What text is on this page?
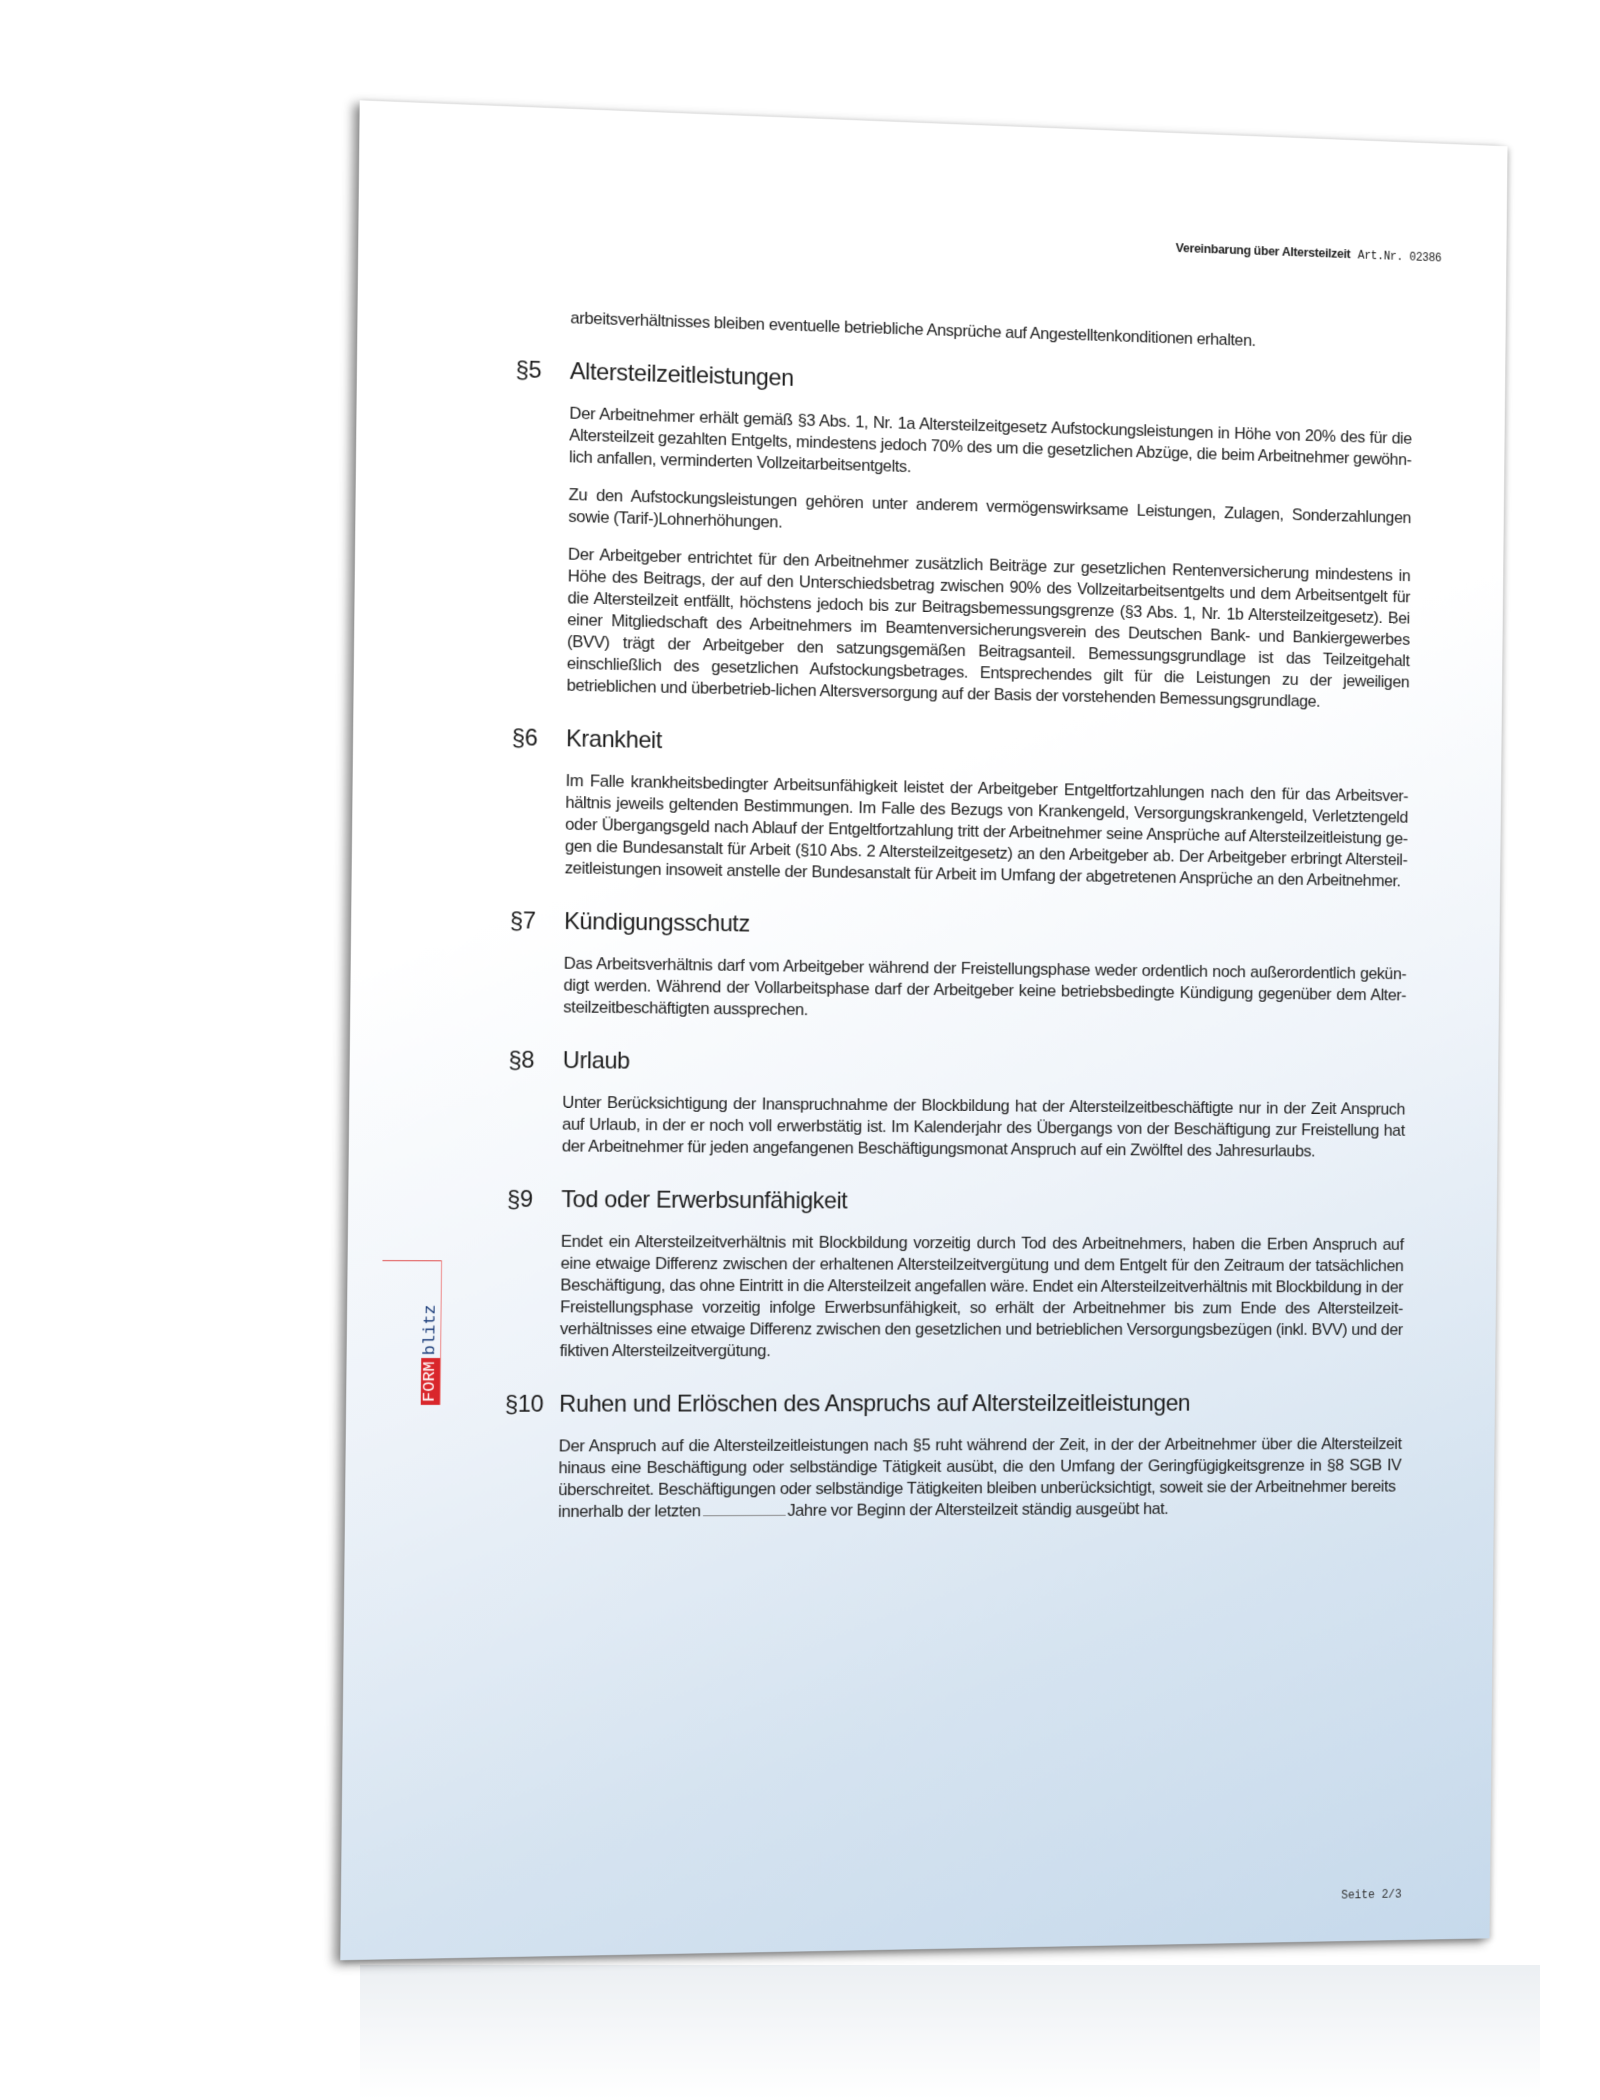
Vereinbarung über Altersteilzeit Art.Nr. 02386
FORMblitz

arbeitsverhältnisses bleiben eventuelle betriebliche Ansprüche auf Angestelltenkonditionen erhalten.

§5	Altersteilzeitleistungen

Der Arbeitnehmer erhält gemäß §3 Abs. 1, Nr. 1a Altersteilzeitgesetz Aufstockungsleistungen in Höhe von 20% des für die Altersteilzeit gezahlten Entgelts, mindestens jedoch 70% des um die gesetzlichen Abzüge, die beim Arbeitnehmer gewöhn-lich anfallen, verminderten Vollzeitarbeitsentgelts.

Zu den Aufstockungsleistungen gehören unter anderem vermögenswirksame Leistungen, Zulagen, Sonderzahlungen sowie (Tarif-)Lohnerhöhungen.

Der Arbeitgeber entrichtet für den Arbeitnehmer zusätzlich Beiträge zur gesetzlichen Rentenversicherung mindestens in Höhe des Beitrags, der auf den Unterschiedsbetrag zwischen 90% des Vollzeitarbeitsentgelts und dem Arbeitsentgelt für die Altersteilzeit entfällt, höchstens jedoch bis zur Beitragsbemessungsgrenze (§3 Abs. 1, Nr. 1b Altersteilzeitgesetz). Bei einer Mitgliedschaft des Arbeitnehmers im Beamtenversicherungsverein des Deutschen Bank- und Bankiergewerbes (BVV) trägt der Arbeitgeber den satzungsgemäßen Beitragsanteil. Bemessungsgrundlage ist das Teilzeitgehalt einschließlich des gesetzlichen Aufstockungsbetrages. Entsprechendes gilt für die Leistungen zu der jeweiligen betrieblichen und überbetrieb-lichen Altersversorgung auf der Basis der vorstehenden Bemessungsgrundlage.

§6	Krankheit

Im Falle krankheitsbedingter Arbeitsunfähigkeit leistet der Arbeitgeber Entgeltfortzahlungen nach den für das Arbeitsver-hältnis jeweils geltenden Bestimmungen. Im Falle des Bezugs von Krankengeld, Versorgungskrankengeld, Verletztengeld oder Übergangsgeld nach Ablauf der Entgeltfortzahlung tritt der Arbeitnehmer seine Ansprüche auf Altersteilzeitleistung ge-gen die Bundesanstalt für Arbeit (§10 Abs. 2 Altersteilzeitgesetz) an den Arbeitgeber ab. Der Arbeitgeber erbringt Altersteil-zeitleistungen insoweit anstelle der Bundesanstalt für Arbeit im Umfang der abgetretenen Ansprüche an den Arbeitnehmer.

§7	Kündigungsschutz

Das Arbeitsverhältnis darf vom Arbeitgeber während der Freistellungsphase weder ordentlich noch außerordentlich gekün-digt werden. Während der Vollarbeitsphase darf der Arbeitgeber keine betriebsbedingte Kündigung gegenüber dem Alter-steilzeitbeschäftigten aussprechen.

§8	Urlaub

Unter Berücksichtigung der Inanspruchnahme der Blockbildung hat der Altersteilzeitbeschäftigte nur in der Zeit Anspruch auf Urlaub, in der er noch voll erwerbstätig ist. Im Kalenderjahr des Übergangs von der Beschäftigung zur Freistellung hat der Arbeitnehmer für jeden angefangenen Beschäftigungsmonat Anspruch auf ein Zwölftel des Jahresurlaubs.

§9	Tod oder Erwerbsunfähigkeit

Endet ein Altersteilzeitverhältnis mit Blockbildung vorzeitig durch Tod des Arbeitnehmers, haben die Erben Anspruch auf eine etwaige Differenz zwischen der erhaltenen Altersteilzeitvergütung und dem Entgelt für den Zeitraum der tatsächlichen Beschäftigung, das ohne Eintritt in die Altersteilzeit angefallen wäre. Endet ein Altersteilzeitverhältnis mit Blockbildung in der Freistellungsphase vorzeitig infolge Erwerbsunfähigkeit, so erhält der Arbeitnehmer bis zum Ende des Altersteilzeit-verhältnisses eine etwaige Differenz zwischen den gesetzlichen und betrieblichen Versorgungsbezügen (inkl. BVV) und der fiktiven Altersteilzeitvergütung.

§10 Ruhen und Erlöschen des Anspruchs auf Altersteilzeitleistungen

Der Anspruch auf die Altersteilzeitleistungen nach §5 ruht während der Zeit, in der der Arbeitnehmer über die Altersteilzeit hinaus eine Beschäftigung oder selbständige Tätigkeit ausübt, die den Umfang der Geringfügigkeitsgrenze in §8 SGB IV überschreitet. Beschäftigungen oder selbständige Tätigkeiten bleiben unberücksichtigt, soweit sie der Arbeitnehmer bereits

innerhalb der letzten	Jahre vor Beginn der Altersteilzeit ständig ausgeübt hat.

Seite 2/3
